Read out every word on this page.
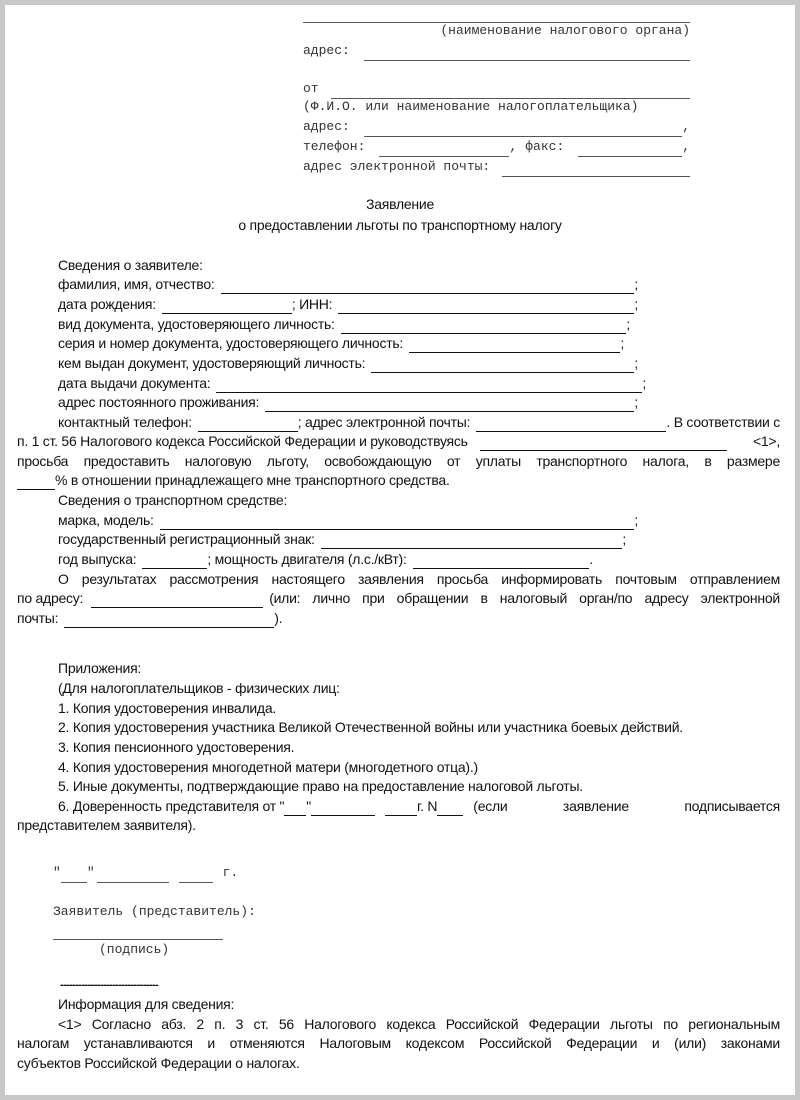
(наименование налогового органа)
адрес:
от
(Ф.И.О. или наименование налогоплательщика)
адрес:	,
телефон:	, факс:	,
адрес электронной почты:
Заявление
о предоставлении льготы по транспортному налогу
Сведения о заявителе:
фамилия, имя, отчество:	;
дата рождения:	; ИНН:	;
вид документа, удостоверяющего личность:	;
серия и номер документа, удостоверяющего личность:	;
кем выдан документ, удостоверяющий личность:	;
дата выдачи документа:	;
адрес постоянного проживания:	;
контактный телефон:	; адрес электронной почты:	. В соответствии с
п. 1 ст. 56 Налогового кодекса Российской Федерации и руководствуясь	<1>,
просьба предоставить налоговую льготу, освобождающую от уплаты транспортного налога, в размере
% в отношении принадлежащего мне транспортного средства.
Сведения о транспортном средстве:
марка, модель:	;
государственный регистрационный знак:	;
год выпуска:	; мощность двигателя (л.с./кВт):	.
О результатах рассмотрения настоящего заявления просьба информировать почтовым отправлением
по адресу:	(или: лично при обращении в налоговый орган/по адресу электронной
почты:	).
Приложения:
(Для налогоплательщиков - физических лиц:
1. Копия удостоверения инвалида.
2. Копия удостоверения участника Великой Отечественной войны или участника боевых действий.
3. Копия пенсионного удостоверения.
4. Копия удостоверения многодетной матери (многодетного отца).)
5. Иные документы, подтверждающие право на предоставление налоговой льготы.
6. Доверенность представителя от " "	г. N	(если заявление подписывается
представителем заявителя).
" "	г.
Заявитель (представитель):
(подпись)
--------------------------------
Информация для сведения:
<1> Согласно абз. 2 п. 3 ст. 56 Налогового кодекса Российской Федерации льготы по региональным
налогам устанавливаются и отменяются Налоговым кодексом Российской Федерации и (или) законами
субъектов Российской Федерации о налогах.
